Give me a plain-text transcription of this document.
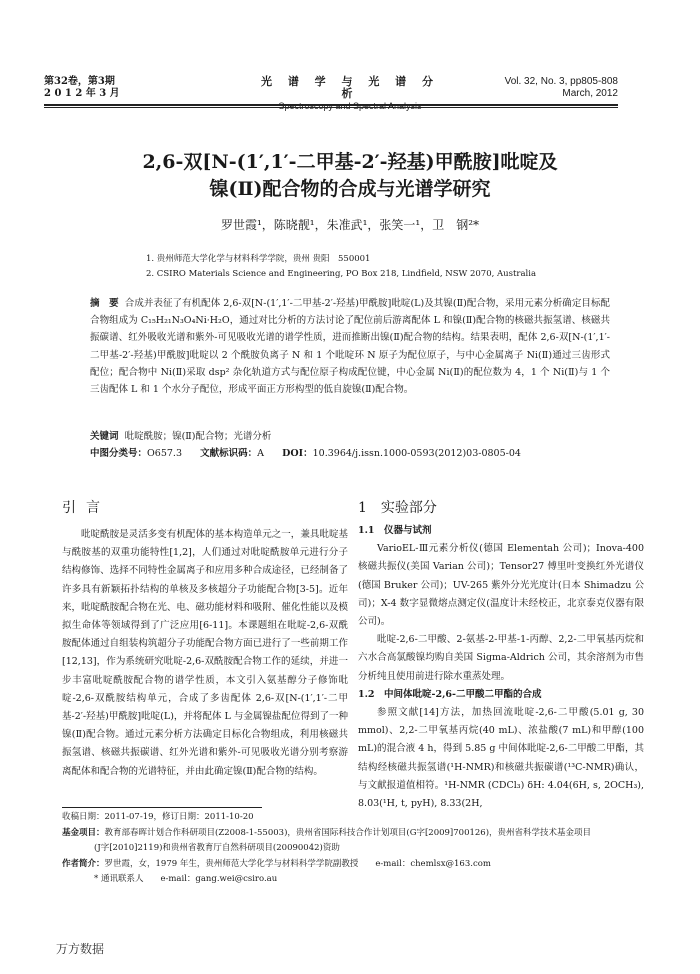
第32卷，第3期
2 0 1 2 年 3 月
光 谱 学 与 光 谱 分 析
Spectroscopy and Spectral Analysis
Vol. 32, No. 3, pp805-808
March, 2012
2,6-双[N-(1′,1′-二甲基-2′-羟基)甲酰胺]吡啶及
镍(Ⅱ)配合物的合成与光谱学研究
罗世霞¹，陈晓靓¹，朱准武¹，张笑一¹，卫　钢²*
1. 贵州师范大学化学与材料科学学院，贵州 贵阳　550001
2. CSIRO Materials Science and Engineering, PO Box 218, Lindfield, NSW 2070, Australia
摘　要 合成并表征了有机配体 2,6-双[N-(1′,1′-二甲基-2′-羟基)甲酰胺]吡啶(L)及其镍(Ⅱ)配合物，采用元素分析确定目标配合物组成为 C₁₅H₂₁N₃O₄Ni·H₂O，通过对比分析的方法讨论了配位前后游离配体 L 和镍(Ⅱ)配合物的核磁共振氢谱、核磁共振碳谱、红外吸收光谱和紫外-可见吸收光谱的谱学性质，进而推断出镍(Ⅱ)配合物的结构。结果表明，配体 2,6-双[N-(1′,1′-二甲基-2′-羟基)甲酰胺]吡啶以 2 个酰胺负离子 N 和 1 个吡啶环 N 原子为配位原子，与中心金属离子 Ni(Ⅱ)通过三齿形式配位；配合物中 Ni(Ⅱ)采取 dsp² 杂化轨道方式与配位原子构成配位键，中心金属 Ni(Ⅱ)的配位数为 4，1 个 Ni(Ⅱ)与 1 个三齿配体 L 和 1 个水分子配位，形成平面正方形构型的低自旋镍(Ⅱ)配合物。
关键词 吡啶酰胺；镍(Ⅱ)配合物；光谱分析
中图分类号：O657.3 文献标识码：A DOI：10.3964/j.issn.1000-0593(2012)03-0805-04
引言	1　实验部分

吡啶酰胺是灵活多变有机配体的基本构造单元之一，兼具吡啶基与酰胺基的双重功能特性[1,2]，人们通过对吡啶酰胺单元进行分子结构修饰、选择不同特性金属离子和应用多种合成途径，已经制备了许多具有新颖拓扑结构的单核及多核超分子功能配合物[3-5]。近年来，吡啶酰胺配合物在光、电、磁功能材料和吸附、催化性能以及模拟生命体等领域得到了广泛应用[6-11]。本课题组在吡啶-2,6-双酰胺配体通过自组装构筑超分子功能配合物方面已进行了一些前期工作[12,13]，作为系统研究吡啶-2,6-双酰胺配合物工作的延续，并进一步丰富吡啶酰胺配合物的谱学性质，本文引入氨基醇分子修饰吡啶-2,6-双酰胺结构单元，合成了多齿配体 2,6-双[N-(1′,1′-二甲基-2′-羟基)甲酰胺]吡啶(L)，并将配体 L 与金属镍盐配位得到了一种镍(Ⅱ)配合物。通过元素分析方法确定目标化合物组成，利用核磁共振氢谱、核磁共振碳谱、红外光谱和紫外-可见吸收光谱分别考察游离配体和配合物的光谱特征，并由此确定镍(Ⅱ)配合物的结构。

1.1　仪器与试剂

VarioEL-Ⅲ元素分析仪(德国 Elementah 公司)；Inova-400 核磁共振仪(美国 Varian 公司)；Tensor27 傅里叶变换红外光谱仪(德国 Bruker 公司)；UV-265 紫外分光光度计(日本 Shimadzu 公司)；X-4 数字显微熔点测定仪(温度计未经校正，北京泰克仪器有限公司)。

吡啶-2,6-二甲酸、2-氨基-2-甲基-1-丙醇、2,2-二甲氧基丙烷和六水合高氯酸镍均购自美国 Sigma-Aldrich 公司，其余溶剂为市售分析纯且使用前进行除水重蒸处理。

1.2　中间体吡啶-2,6-二甲酸二甲酯的合成

参照文献[14]方法，加热回流吡啶-2,6-二甲酸(5.01 g, 30 mmol)、2,2-二甲氧基丙烷(40 mL)、浓盐酸(7 mL)和甲醇(100 mL)的混合液 4 h，得到 5.85 g 中间体吡啶-2,6-二甲酸二甲酯，其结构经核磁共振氢谱(¹H-NMR)和核磁共振碳谱(¹³C-NMR)确认，与文献报道值相符。¹H-NMR (CDCl₃) δH: 4.04(6H, s, 2OCH₃), 8.03(¹H, t, pyH), 8.33(2H,

收稿日期：2011-07-19，修订日期：2011-10-20

基金项目：教育部春晖计划合作科研项目(Z2008-1-55003)，贵州省国际科技合作计划项目(G字[2009]700126)，贵州省科学技术基金项目

(J字[2010]2119)和贵州省教育厅自然科研项目(20090042)资助

作者简介：罗世霞，女，1979 年生，贵州师范大学化学与材料科学学院副教授　　e-mail：chemlsx@163.com

* 通讯联系人　　e-mail：gang.wei@csiro.au

万方数据
